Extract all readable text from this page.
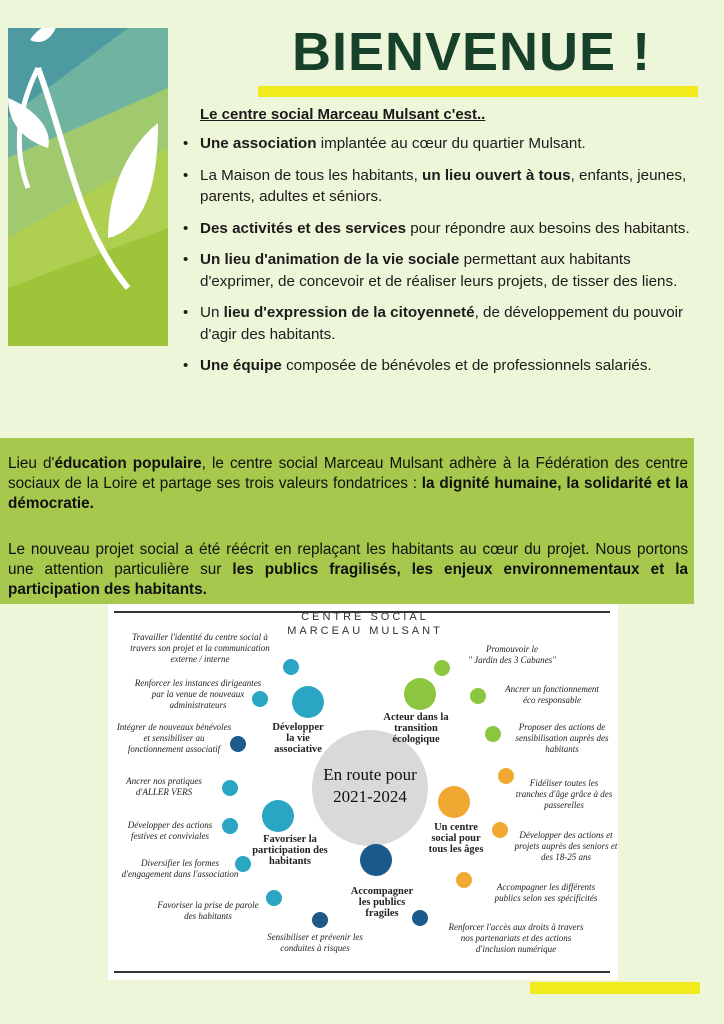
BIENVENUE !
Le centre social Marceau Mulsant c'est..
• Une association implantée au cœur du quartier Mulsant.
• La Maison de tous les habitants, un lieu ouvert à tous, enfants, jeunes, parents, adultes et séniors.
• Des activités et des services pour répondre aux besoins des habitants.
• Un lieu d'animation de la vie sociale permettant aux habitants d'exprimer, de concevoir et de réaliser leurs projets, de tisser des liens.
• Un lieu d'expression de la citoyenneté, de développement du pouvoir d'agir des habitants.
• Une équipe composée de bénévoles et de professionnels salariés.
Lieu d'éducation populaire, le centre social Marceau Mulsant adhère à la Fédération des centre sociaux de la Loire et partage ses trois valeurs fondatrices : la dignité humaine, la solidarité et la démocratie.
Le nouveau projet social a été réécrit en replaçant les habitants au cœur du projet. Nous portons une attention particulière sur les publics fragilisés, les enjeux environnementaux et la participation des habitants.
CENTRE SOCIAL
MARCEAU MULSANT
En route pour
2021-2024
Développer la vie associative
Acteur dans la transition écologique
Favoriser la participation des habitants
Un centre social pour tous les âges
Accompagner les publics fragiles
Travailler l'identité du centre social à travers son projet et la communication externe / interne
Renforcer les instances dirigeantes par la venue de nouveaux administrateurs
Intégrer de nouveaux bénévoles et sensibiliser au fonctionnement associatif
Ancrer nos pratiques d'ALLER VERS
Développer des actions festives et conviviales
Diversifier les formes d'engagement dans l'association
Favoriser la prise de parole des habitants
Sensibiliser et prévenir les conduites à risques
Promouvoir le " Jardin des 3 Cabanes"
Ancrer un fonctionnement éco responsable
Proposer des actions de sensibilisation auprès des habitants
Fidéliser toutes les tranches d'âge grâce à des passerelles
Développer des actions et projets auprès des seniors et des 18-25 ans
Accompagner les différents publics selon ses spécificités
Renforcer l'accès aux droits à travers nos partenariats et des actions d'inclusion numérique
